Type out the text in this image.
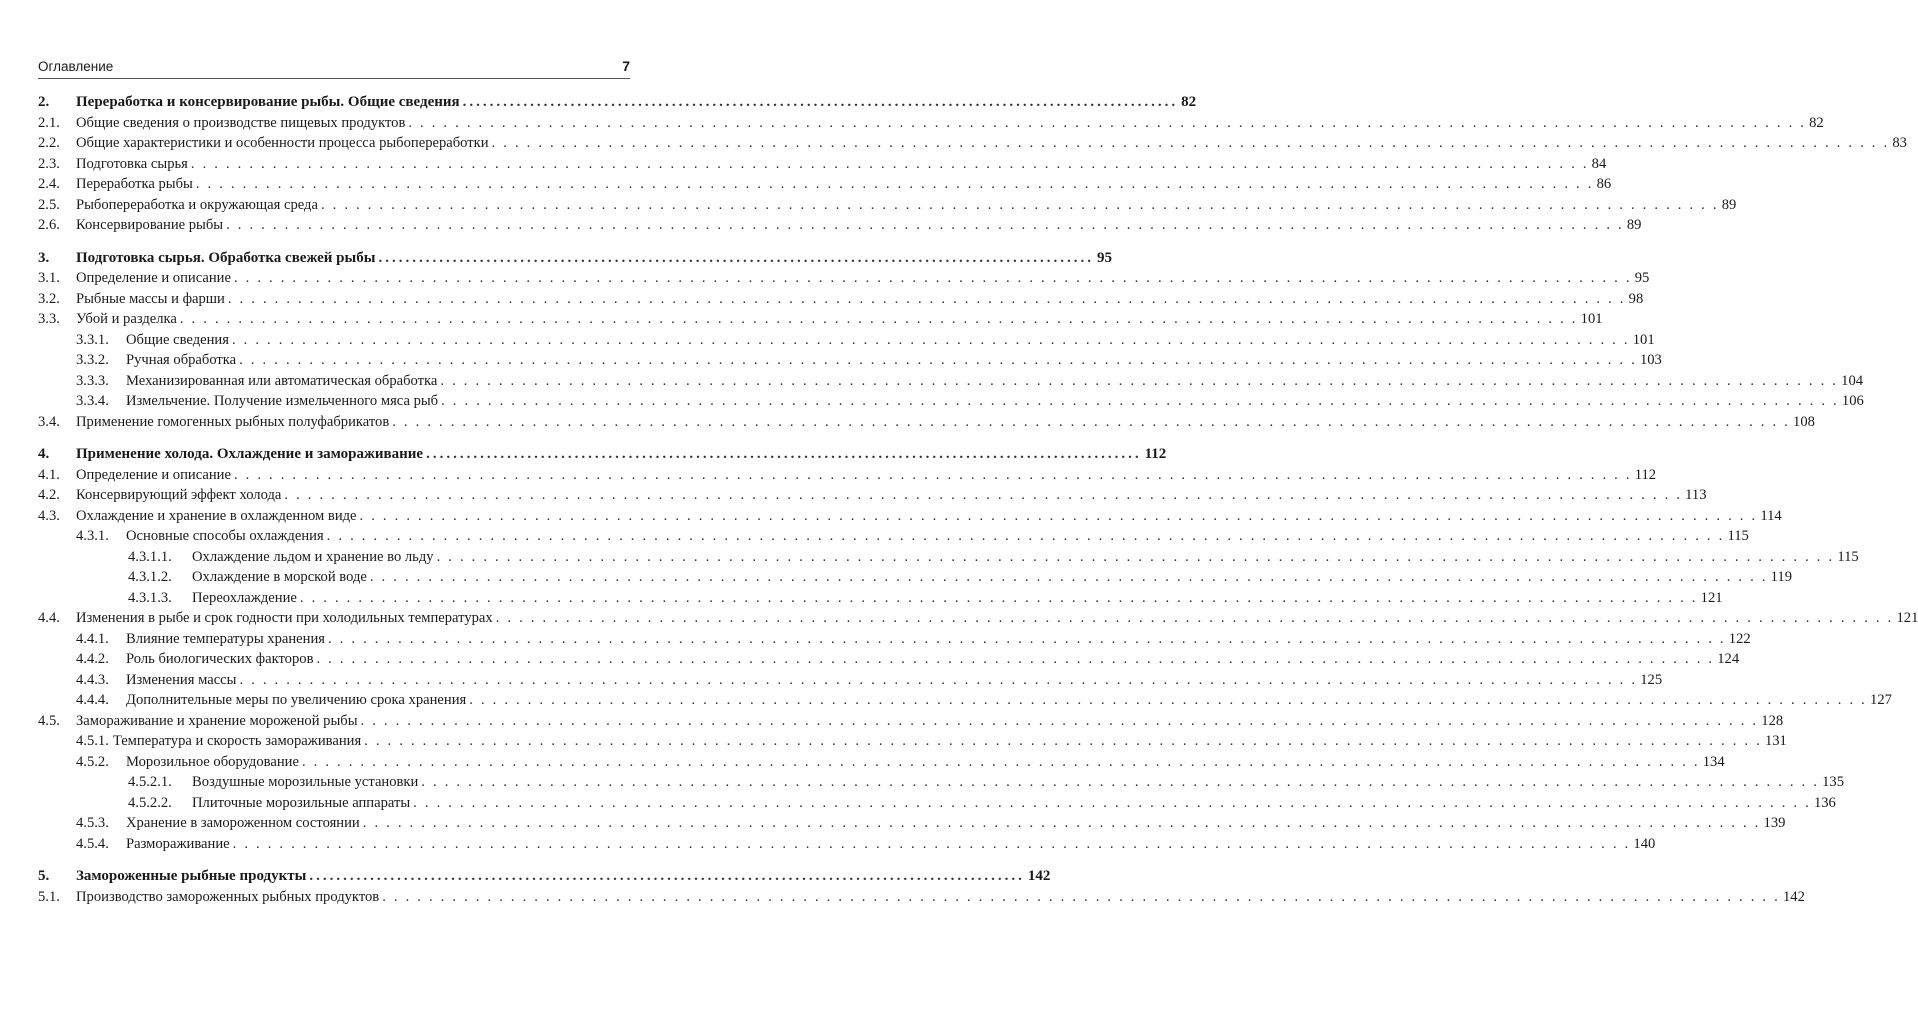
Оглавление	7
2.	Переработка и консервирование рыбы. Общие сведения .....	82
2.1.	Общие сведения о производстве пищевых продуктов . . .	82
2.2.	Общие характеристики и особенности процесса рыбопереработки . . .	83
2.3.	Подготовка сырья . . .	84
2.4.	Переработка рыбы . . .	86
2.5.	Рыбопереработка и окружающая среда . . .	89
2.6.	Консервирование рыбы . . .	89
3.	Подготовка сырья. Обработка свежей рыбы .....	95
3.1.	Определение и описание . . .	95
3.2.	Рыбные массы и фарши . . .	98
3.3.	Убой и разделка . . .	101
3.3.1.	Общие сведения . . .	101
3.3.2.	Ручная обработка . . .	103
3.3.3.	Механизированная или автоматическая обработка . . .	104
3.3.4.	Измельчение. Получение измельченного мяса рыб . . .	106
3.4.	Применение гомогенных рыбных полуфабрикатов . . .	108
4.	Применение холода. Охлаждение и замораживание .....	112
4.1.	Определение и описание . . .	112
4.2.	Консервирующий эффект холода . . .	113
4.3.	Охлаждение и хранение в охлажденном виде . . .	114
4.3.1.	Основные способы охлаждения . . .	115
4.3.1.1.	Охлаждение льдом и хранение во льду . . .	115
4.3.1.2.	Охлаждение в морской воде . . .	119
4.3.1.3.	Переохлаждение . . .	121
4.4.	Изменения в рыбе и срок годности при холодильных температурах . . .	121
4.4.1.	Влияние температуры хранения . . .	122
4.4.2.	Роль биологических факторов . . .	124
4.4.3.	Изменения массы . . .	125
4.4.4.	Дополнительные меры по увеличению срока хранения . . .	127
4.5.	Замораживание и хранение мороженой рыбы . . .	128
4.5.1. Температура и скорость замораживания . . .	131
4.5.2.	Морозильное оборудование . . .	134
4.5.2.1.	Воздушные морозильные установки . . .	135
4.5.2.2.	Плиточные морозильные аппараты . . .	136
4.5.3.	Хранение в замороженном состоянии . . .	139
4.5.4.	Размораживание . . .	140
5.	Замороженные рыбные продукты .....	142
5.1.	Производство замороженных рыбных продуктов . . .	142
